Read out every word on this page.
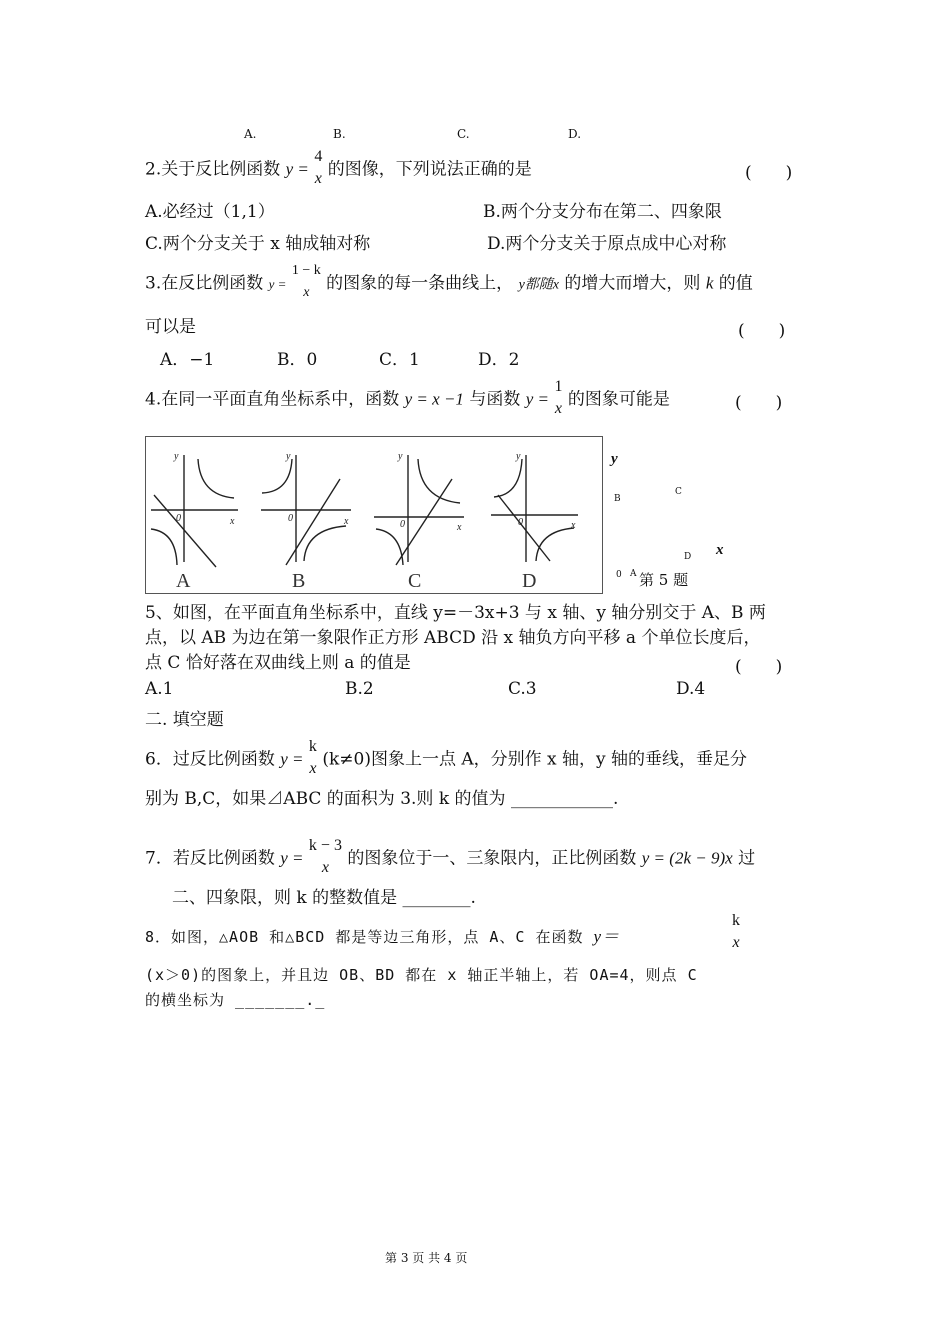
A.	B.	C.	D.
2.关于反比例函数 y =
4
x 的图像，下列说法正确的是	(　　)
A.必经过（1,1）	B.两个分支分布在第二、四象限
C.两个分支关于 x 轴成轴对称	D.两个分支关于原点成中心对称
3.在反比例函数 y =
1 − k
x 的图象的每一条曲线上， y都随x 的增大而增大，则 k 的值
可以是	(　　)
A．−1	B．0	C．1	D．2
4.在同一平面直角坐标系中，函数 y = x −1 与函数 y =
1
x 的图象可能是	(　　)
y
x
0
y
x
0
y
x
0
y
x
0
A	B	C	D
y
B
C
D x
0 A 第 5 题
5、如图，在平面直角坐标系中，直线 y=－3x+3 与 x 轴、y 轴分别交于 A、B 两
点，以 AB 为边在第一象限作正方形 ABCD 沿 x 轴负方向平移 a 个单位长度后，
点 C 恰好落在双曲线上则 a 的值是	(　　)
A.1	B.2	C.3	D.4
二. 填空题
6．过反比例函数 y =
k
x (k≠0)图象上一点 A，分别作 x 轴，y 轴的垂线，垂足分
别为 B,C，如果⊿ABC 的面积为 3.则 k 的值为 ____________.
7．若反比例函数 y =
k − 3
x	的图象位于一、三象限内，正比例函数 y = (2k − 9)x 过
二、四象限，则 k 的整数值是 ________.
8．如图，△AOB 和△BCD 都是等边三角形，点 A、C 在函数 y＝
k
x
(x＞0)的图象上，并且边 OB、BD 都在 x 轴正半轴上，若 OA=4，则点 C
的横坐标为 _______._
第 3 页 共 4 页
